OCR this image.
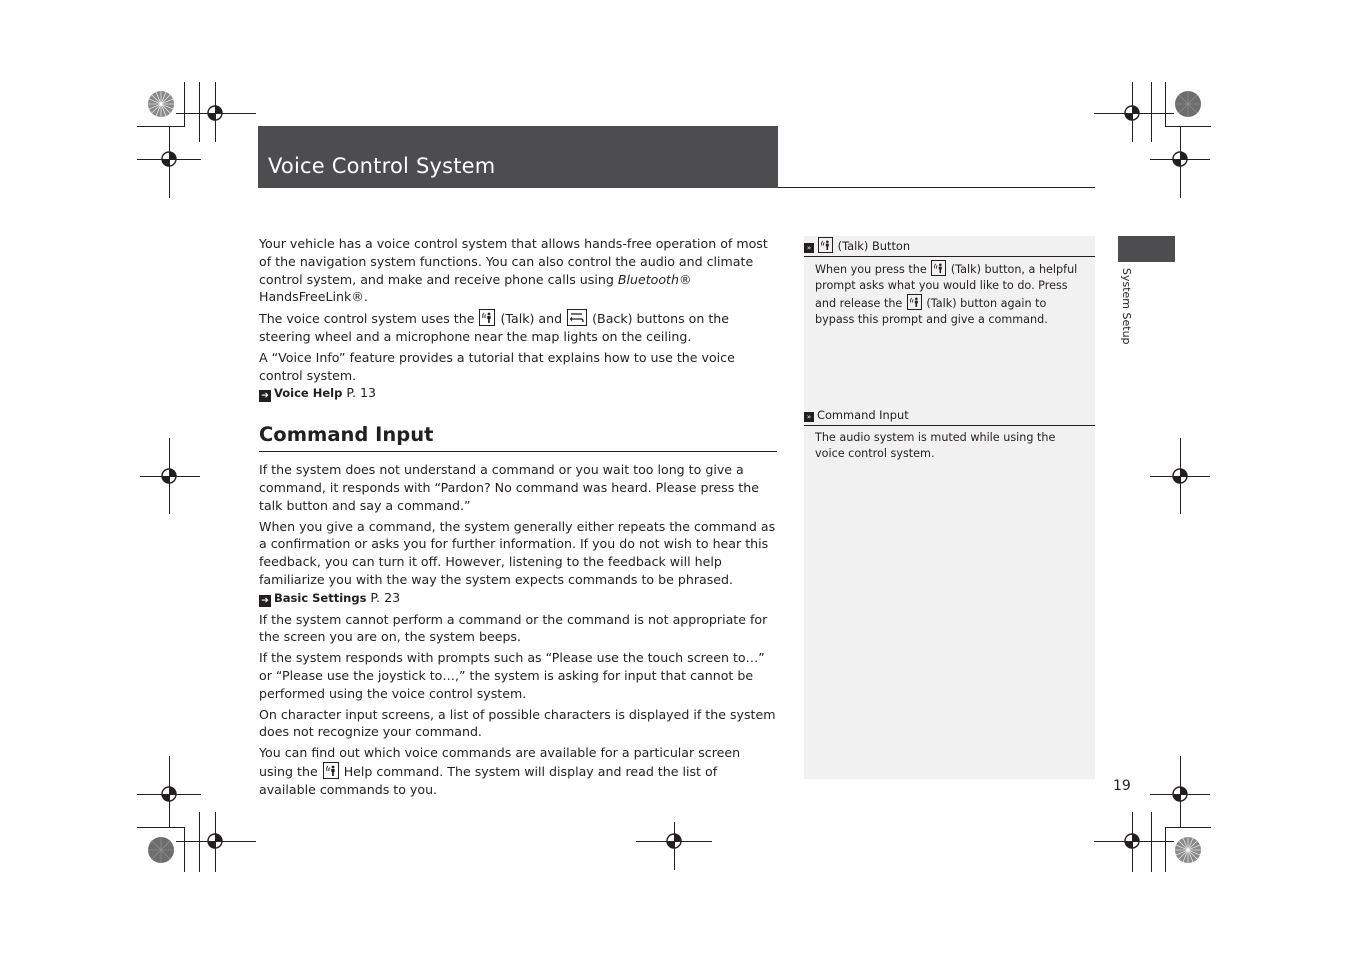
Voice Control System

Your vehicle has a voice control system that allows hands-free operation of most of the navigation system functions. You can also control the audio and climate control system, and make and receive phone calls using Bluetooth® HandsFreeLink®.

The voice control system uses the
(Talk) and
(Back) buttons on the steering wheel and a microphone near the map lights on the ceiling.

A “Voice Info” feature provides a tutorial that explains how to use the voice control system.

➔ Voice Help P. 13

Command Input

If the system does not understand a command or you wait too long to give a command, it responds with “Pardon? No command was heard. Please press the talk button and say a command.”

When you give a command, the system generally either repeats the command as a confirmation or asks you for further information. If you do not wish to hear this feedback, you can turn it off. However, listening to the feedback will help familiarize you with the way the system expects commands to be phrased.

➔ Basic Settings P. 23

If the system cannot perform a command or the command is not appropriate for the screen you are on, the system beeps.

If the system responds with prompts such as “Please use the touch screen to…” or “Please use the joystick to…,” the system is asking for input that cannot be performed using the voice control system.

On character input screens, a list of possible characters is displayed if the system does not recognize your command.

You can find out which voice commands are available for a particular screen using the
Help command. The system will display and read the list of available commands to you.

»
(Talk) Button
When you press the
(Talk) button, a helpful prompt asks what you would like to do. Press and release the
(Talk) button again to bypass this prompt and give a command.
» Command Input
The audio system is muted while using the voice control system.
System Setup
19
